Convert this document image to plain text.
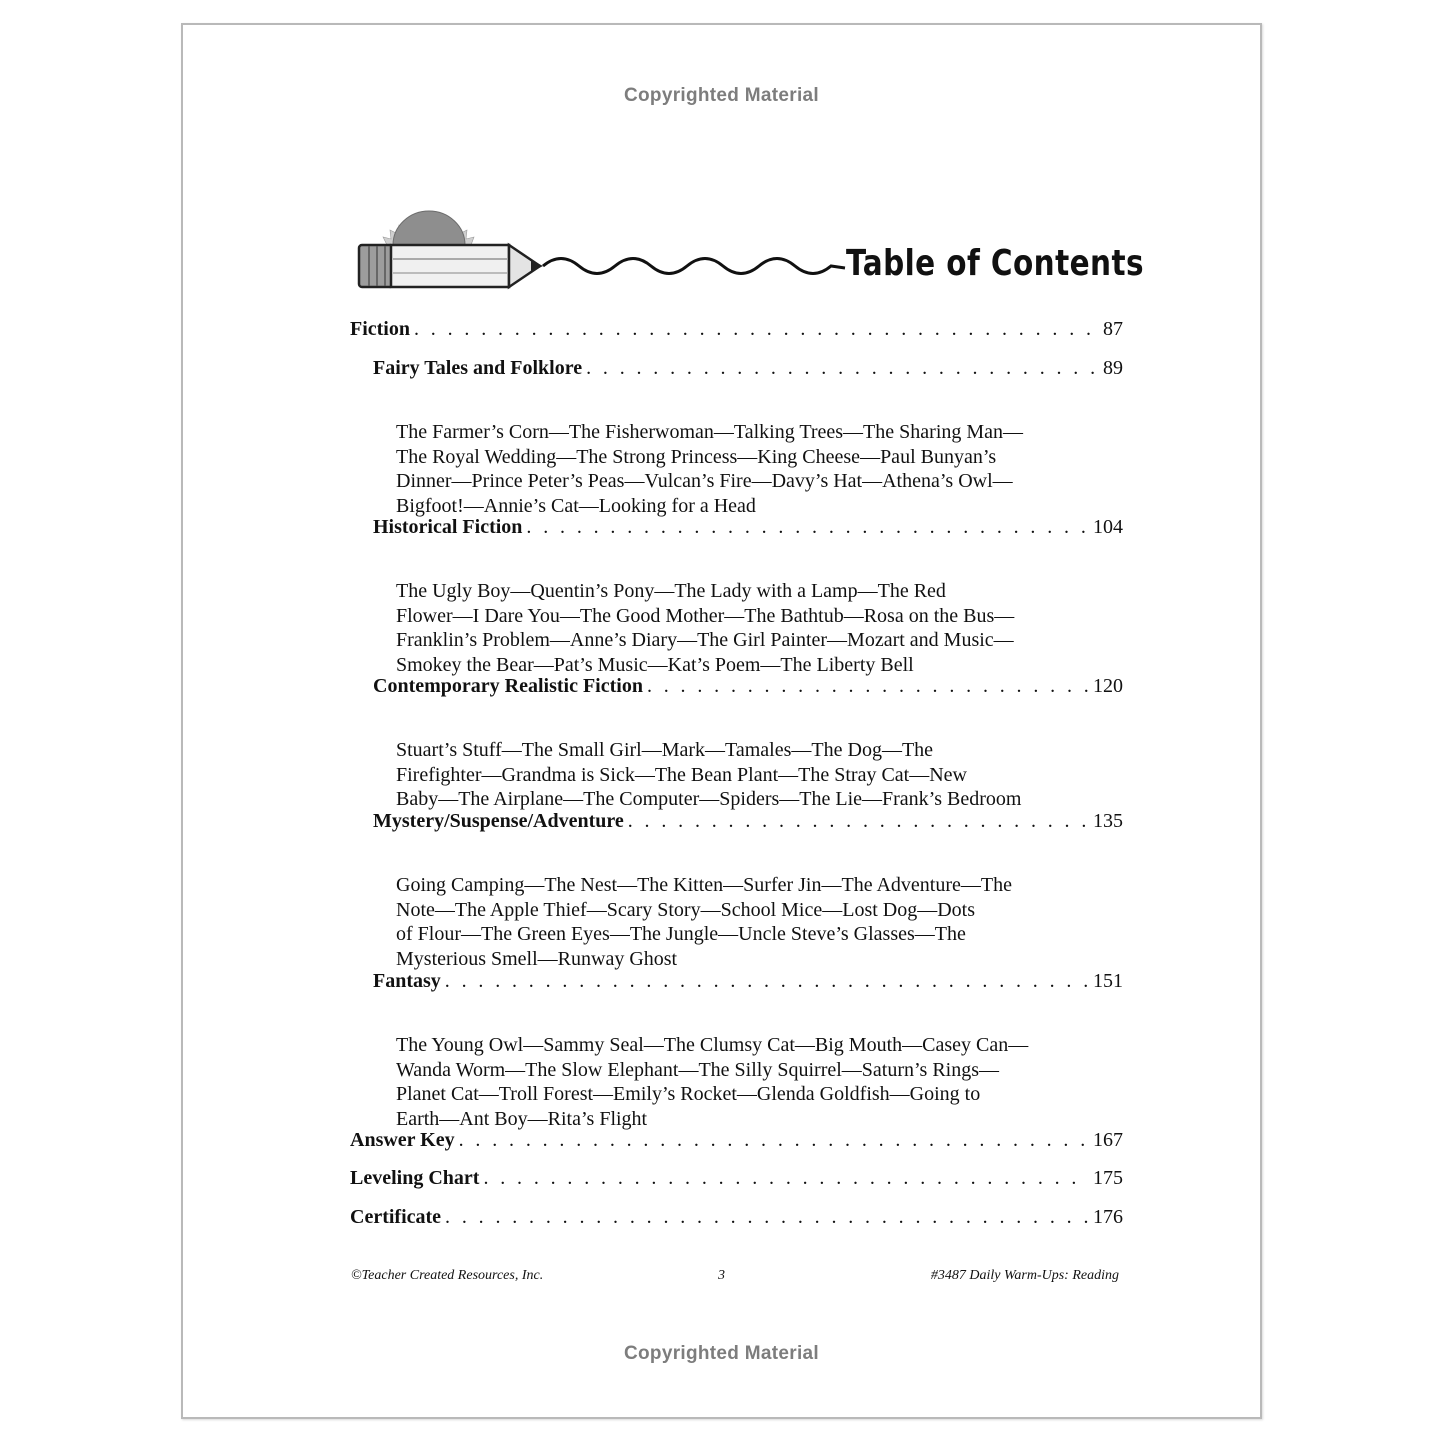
Copyrighted Material
Table of Contents
Fiction . . .	87
Fairy Tales and Folklore . . .	89
The Farmer’s Corn—The Fisherwoman—Talking Trees—The Sharing Man—
The Royal Wedding—The Strong Princess—King Cheese—Paul Bunyan’s
Dinner—Prince Peter’s Peas—Vulcan’s Fire—Davy’s Hat—Athena’s Owl—
Bigfoot!—Annie’s Cat—Looking for a Head
Historical Fiction . . .	104
The Ugly Boy—Quentin’s Pony—The Lady with a Lamp—The Red
Flower—I Dare You—The Good Mother—The Bathtub—Rosa on the Bus—
Franklin’s Problem—Anne’s Diary—The Girl Painter—Mozart and Music—
Smokey the Bear—Pat’s Music—Kat’s Poem—The Liberty Bell
Contemporary Realistic Fiction . . .	120
Stuart’s Stuff—The Small Girl—Mark—Tamales—The Dog—The
Firefighter—Grandma is Sick—The Bean Plant—The Stray Cat—New
Baby—The Airplane—The Computer—Spiders—The Lie—Frank’s Bedroom
Mystery/Suspense/Adventure . . .	135
Going Camping—The Nest—The Kitten—Surfer Jin—The Adventure—The
Note—The Apple Thief—Scary Story—School Mice—Lost Dog—Dots
of Flour—The Green Eyes—The Jungle—Uncle Steve’s Glasses—The
Mysterious Smell—Runway Ghost
Fantasy . . .	151
The Young Owl—Sammy Seal—The Clumsy Cat—Big Mouth—Casey Can—
Wanda Worm—The Slow Elephant—The Silly Squirrel—Saturn’s Rings—
Planet Cat—Troll Forest—Emily’s Rocket—Glenda Goldfish—Going to
Earth—Ant Boy—Rita’s Flight
Answer Key . . .	167
Leveling Chart . . .	175
Certificate . . .	176
©Teacher Created Resources, Inc.	3	#3487 Daily Warm-Ups: Reading
Copyrighted Material
